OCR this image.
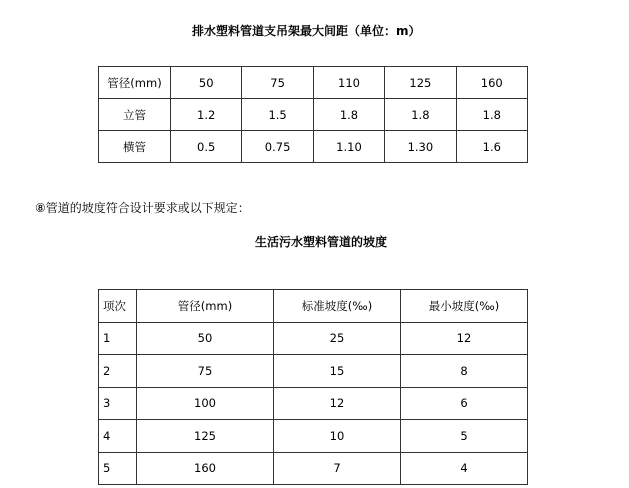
排水塑料管道支吊架最大间距（单位：m）
管径(mm)	50	75	110	125	160
立管	1.2	1.5	1.8	1.8	1.8
横管	0.5	0.75	1.10	1.30	1.6
⑧管道的坡度符合设计要求或以下规定：
生活污水塑料管道的坡度
项次	管径(mm)	标准坡度(‰)	最小坡度(‰)
1	50	25	12
2	75	15	8
3	100	12	6
4	125	10	5
5	160	7	4
